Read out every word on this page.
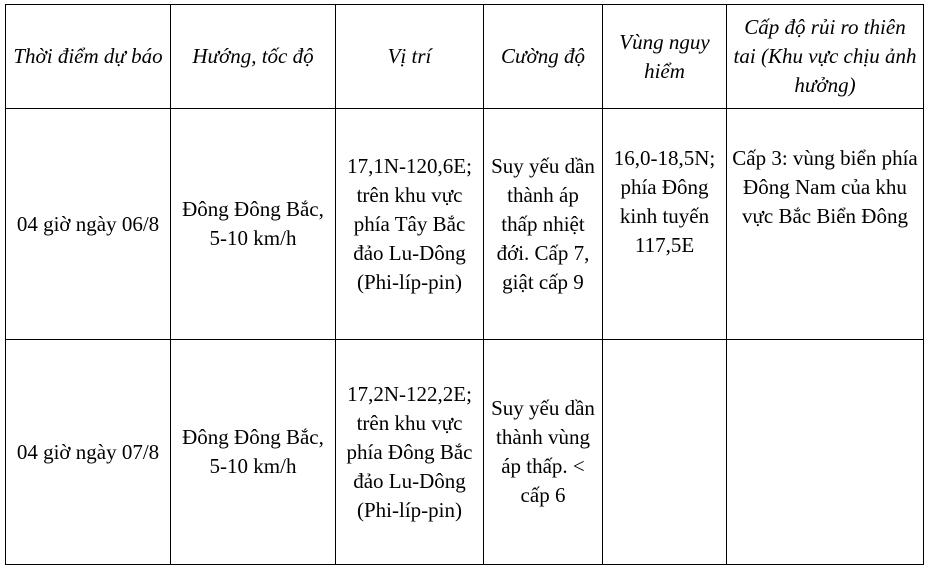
Thời điểm dự báo	Hướng, tốc độ	Vị trí	Cường độ	Vùng nguy hiểm	Cấp độ rủi ro thiên tai (Khu vực chịu ảnh hưởng)
04 giờ ngày 06/8	Đông Đông Bắc, 5-10 km/h	17,1N-120,6E; trên khu vực phía Tây Bắc đảo Lu-Dông (Phi-líp-pin)	Suy yếu dần thành áp thấp nhiệt đới. Cấp 7, giật cấp 9	16,0-18,5N; phía Đông kinh tuyến 117,5E	Cấp 3: vùng biển phía Đông Nam của khu vực Bắc Biển Đông
04 giờ ngày 07/8	Đông Đông Bắc, 5-10 km/h	17,2N-122,2E; trên khu vực phía Đông Bắc đảo Lu-Dông (Phi-líp-pin)	Suy yếu dần thành vùng áp thấp. < cấp 6		
